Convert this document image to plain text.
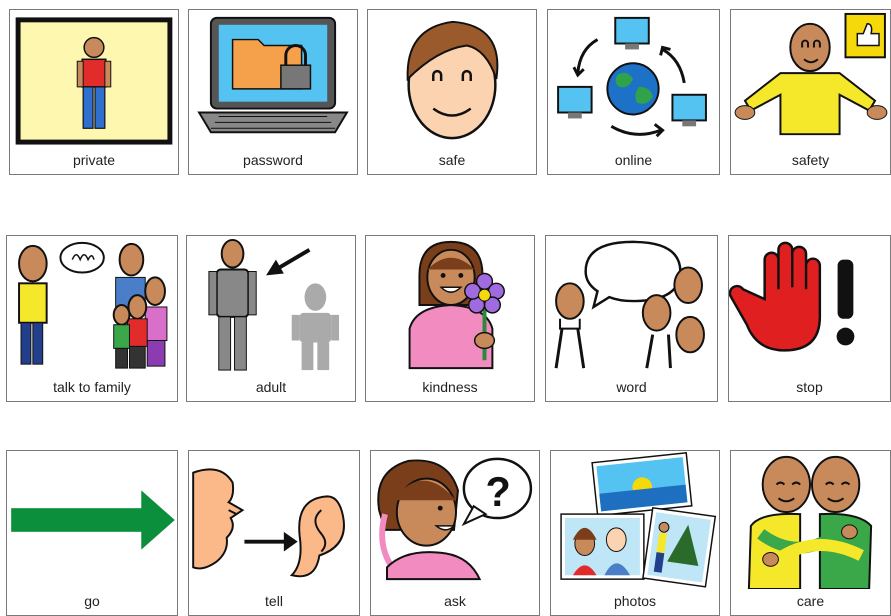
private	password	safe	online	safety
talk to family	adult	kindness	word	stop
go	tell
?
ask	photos	care
